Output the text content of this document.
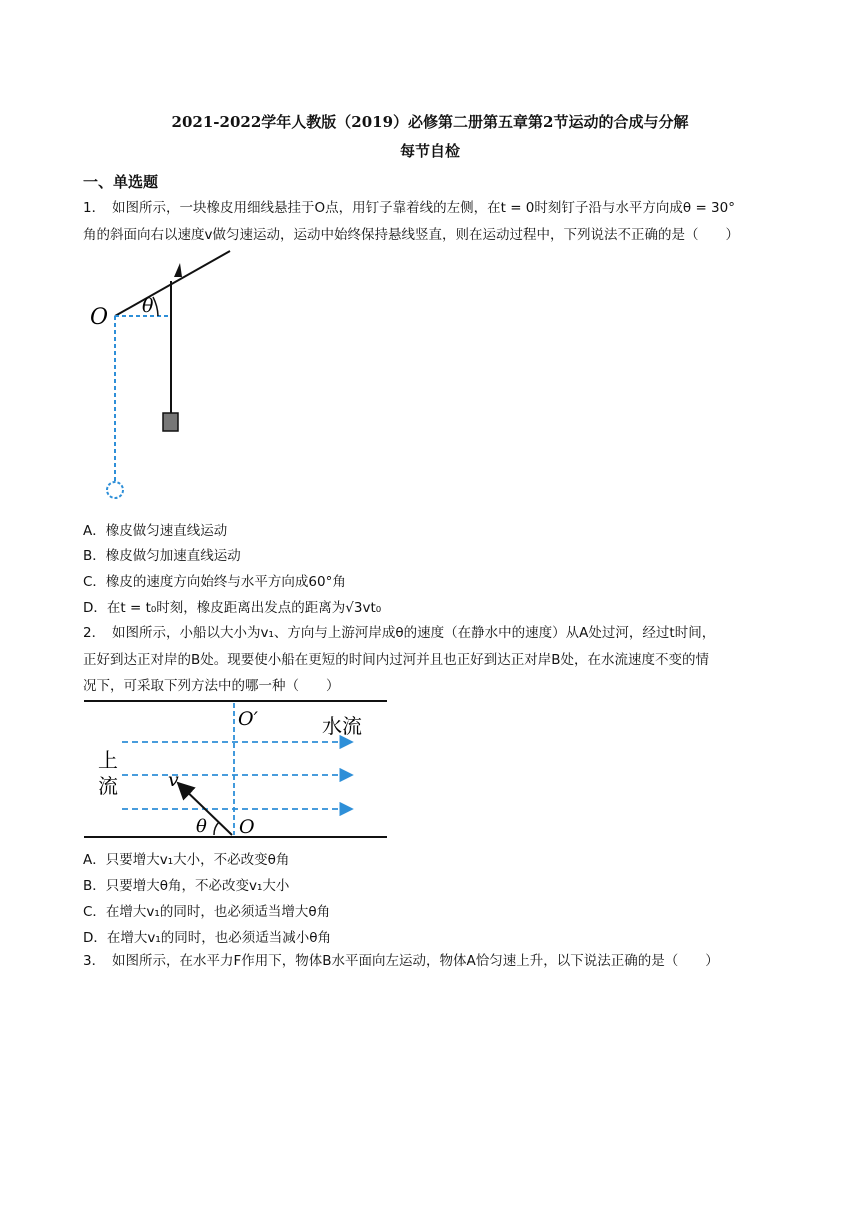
2021-2022学年人教版（2019）必修第二册第五章第2节运动的合成与分解
每节自检
一、单选题
1． 如图所示，一块橡皮用细线悬挂于O点，用钉子靠着线的左侧，在t = 0时刻钉子沿与水平方向成θ = 30°
角的斜面向右以速度v做匀速运动，运动中始终保持悬线竖直，则在运动过程中，下列说法不正确的是（　　）
O θ
A．橡皮做匀速直线运动
B．橡皮做匀加速直线运动
C．橡皮的速度方向始终与水平方向成60°角
D．在t = t₀时刻，橡皮距离出发点的距离为√3vt₀
2． 如图所示，小船以大小为v₁、方向与上游河岸成θ的速度（在静水中的速度）从A处过河，经过t时间，
正好到达正对岸的B处。现要使小船在更短的时间内过河并且也正好到达正对岸B处，在水流速度不变的情
况下，可采取下列方法中的哪一种（　　）
O′	水流
上
流	v
θ O
A．只要增大v₁大小，不必改变θ角
B．只要增大θ角，不必改变v₁大小
C．在增大v₁的同时，也必须适当增大θ角
D．在增大v₁的同时，也必须适当减小θ角
3． 如图所示，在水平力F作用下，物体B水平面向左运动，物体A恰匀速上升，以下说法正确的是（　　）
